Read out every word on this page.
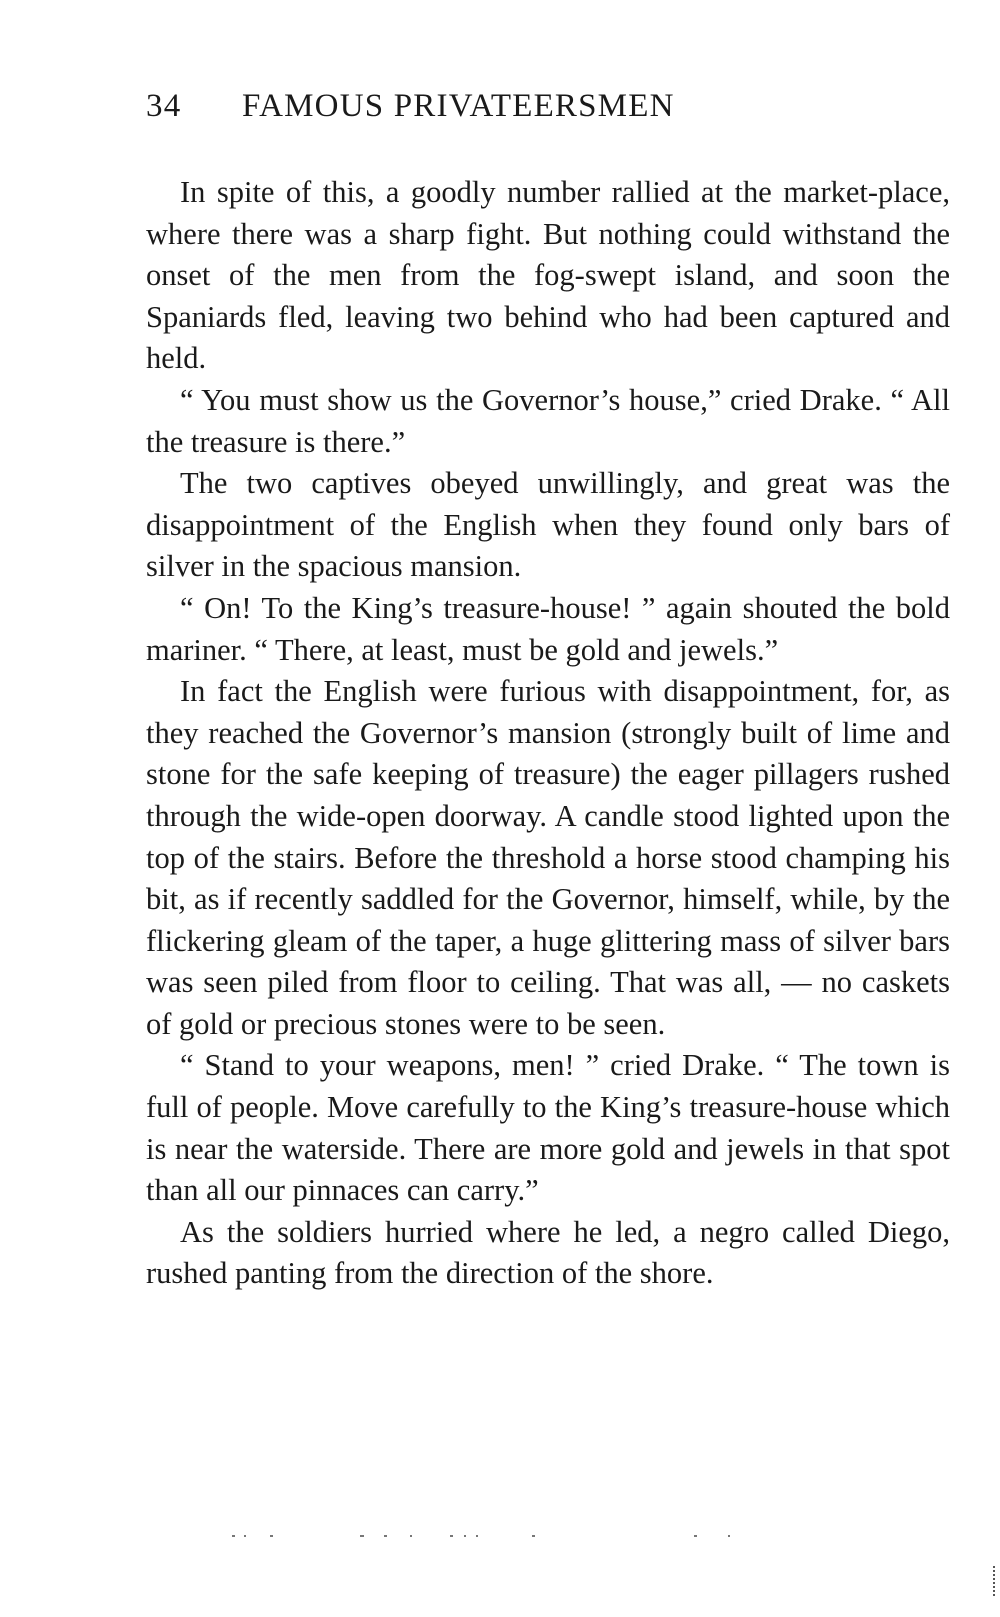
34 FAMOUS PRIVATEERSMEN

In spite of this, a goodly number rallied at the market-place, where there was a sharp fight. But nothing could withstand the onset of the men from the fog-swept island, and soon the Spaniards fled, leaving two behind who had been captured and held.

“ You must show us the Governor’s house,” cried Drake. “ All the treasure is there.”

The two captives obeyed unwillingly, and great was the disappointment of the English when they found only bars of silver in the spacious mansion.

“ On! To the King’s treasure-house! ” again shouted the bold mariner. “ There, at least, must be gold and jewels.”

In fact the English were furious with disappointment, for, as they reached the Governor’s mansion (strongly built of lime and stone for the safe keeping of treasure) the eager pillagers rushed through the wide-open doorway. A candle stood lighted upon the top of the stairs. Before the threshold a horse stood champing his bit, as if recently saddled for the Governor, himself, while, by the flickering gleam of the taper, a huge glittering mass of silver bars was seen piled from floor to ceiling. That was all, — no caskets of gold or precious stones were to be seen.

“ Stand to your weapons, men! ” cried Drake. “ The town is full of people. Move carefully to the King’s treasure-house which is near the waterside. There are more gold and jewels in that spot than all our pinnaces can carry.”

As the soldiers hurried where he led, a negro called Diego, rushed panting from the direction of the shore.
